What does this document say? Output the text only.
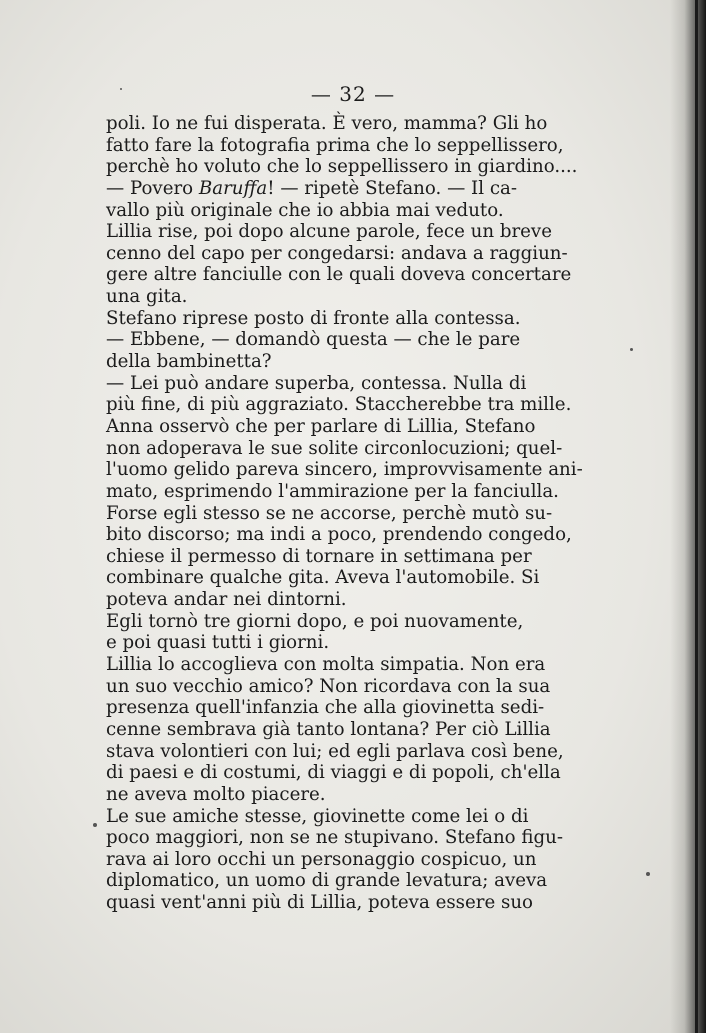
— 32 —
poli. Io ne fui disperata. È vero, mamma? Gli ho
fatto fare la fotografia prima che lo seppellissero,
perchè ho voluto che lo seppellissero in giardino....
— Povero Baruffa! — ripetè Stefano. — Il ca-
vallo più originale che io abbia mai veduto.
Lillia rise, poi dopo alcune parole, fece un breve
cenno del capo per congedarsi: andava a raggiun-
gere altre fanciulle con le quali doveva concertare
una gita.
Stefano riprese posto di fronte alla contessa.
— Ebbene, — domandò questa — che le pare
della bambinetta?
— Lei può andare superba, contessa. Nulla di
più fine, di più aggraziato. Staccherebbe tra mille.
Anna osservò che per parlare di Lillia, Stefano
non adoperava le sue solite circonlocuzioni; quel-
l'uomo gelido pareva sincero, improvvisamente ani-
mato, esprimendo l'ammirazione per la fanciulla.
Forse egli stesso se ne accorse, perchè mutò su-
bito discorso; ma indi a poco, prendendo congedo,
chiese il permesso di tornare in settimana per
combinare qualche gita. Aveva l'automobile. Si
poteva andar nei dintorni.
Egli tornò tre giorni dopo, e poi nuovamente,
e poi quasi tutti i giorni.
Lillia lo accoglieva con molta simpatia. Non era
un suo vecchio amico? Non ricordava con la sua
presenza quell'infanzia che alla giovinetta sedi-
cenne sembrava già tanto lontana? Per ciò Lillia
stava volontieri con lui; ed egli parlava così bene,
di paesi e di costumi, di viaggi e di popoli, ch'ella
ne aveva molto piacere.
Le sue amiche stesse, giovinette come lei o di
poco maggiori, non se ne stupivano. Stefano figu-
rava ai loro occhi un personaggio cospicuo, un
diplomatico, un uomo di grande levatura; aveva
quasi vent'anni più di Lillia, poteva essere suo
